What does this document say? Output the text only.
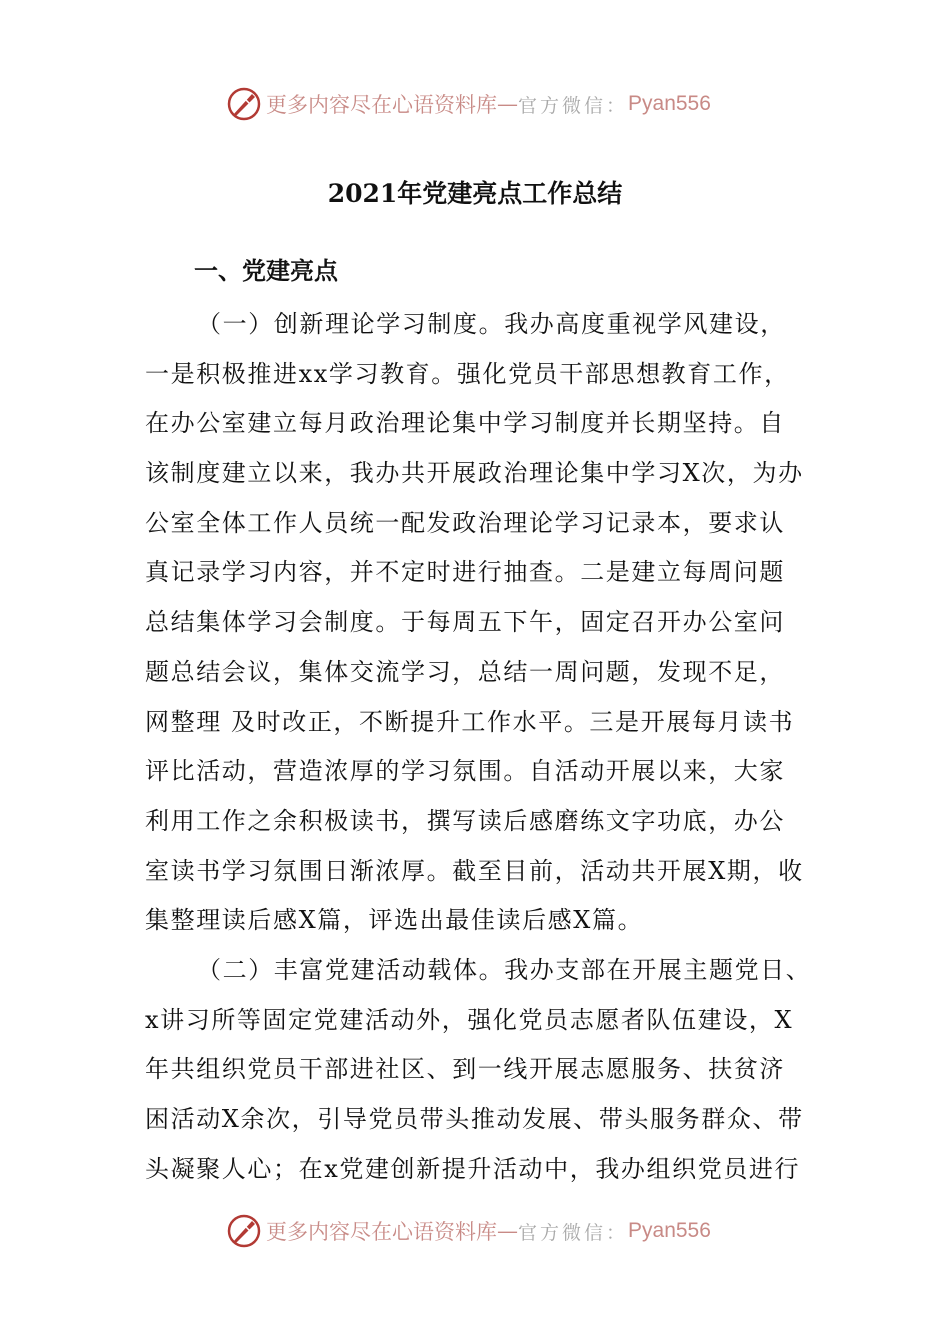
更多内容尽在心语资料库 — 官方微信： Pyan556
2021年党建亮点工作总结
一、党建亮点
（一）创新理论学习制度。我办高度重视学风建设，
一是积极推进xx学习教育。强化党员干部思想教育工作，
在办公室建立每月政治理论集中学习制度并长期坚持。自
该制度建立以来，我办共开展政治理论集中学习X次，为办
公室全体工作人员统一配发政治理论学习记录本，要求认
真记录学习内容，并不定时进行抽查。二是建立每周问题
总结集体学习会制度。于每周五下午，固定召开办公室问
题总结会议，集体交流学习，总结一周问题，发现不足，
网整理 及时改正，不断提升工作水平。三是开展每月读书
评比活动，营造浓厚的学习氛围。自活动开展以来，大家
利用工作之余积极读书，撰写读后感磨练文字功底，办公
室读书学习氛围日渐浓厚。截至目前，活动共开展X期，收
集整理读后感X篇，评选出最佳读后感X篇。
（二）丰富党建活动载体。我办支部在开展主题党日、
x讲习所等固定党建活动外，强化党员志愿者队伍建设，X
年共组织党员干部进社区、到一线开展志愿服务、扶贫济
困活动X余次，引导党员带头推动发展、带头服务群众、带
头凝聚人心；在x党建创新提升活动中，我办组织党员进行
更多内容尽在心语资料库 — 官方微信： Pyan556
